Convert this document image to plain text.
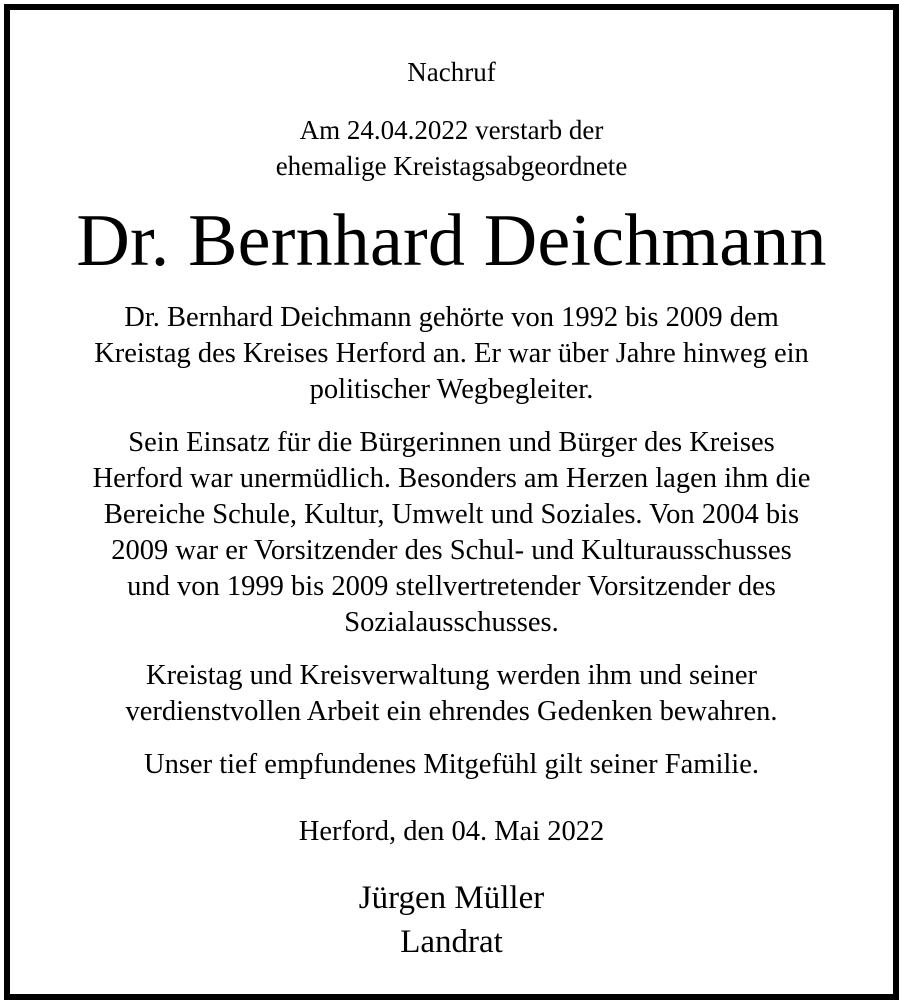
Nachruf
Am 24.04.2022 verstarb der
ehemalige Kreistagsabgeordnete
Dr. Bernhard Deichmann
Dr. Bernhard Deichmann gehörte von 1992 bis 2009 dem
Kreistag des Kreises Herford an. Er war über Jahre hinweg ein
politischer Wegbegleiter.
Sein Einsatz für die Bürgerinnen und Bürger des Kreises
Herford war unermüdlich. Besonders am Herzen lagen ihm die
Bereiche Schule, Kultur, Umwelt und Soziales. Von 2004 bis
2009 war er Vorsitzender des Schul- und Kulturausschusses
und von 1999 bis 2009 stellvertretender Vorsitzender des
Sozialausschusses.
Kreistag und Kreisverwaltung werden ihm und seiner
verdienstvollen Arbeit ein ehrendes Gedenken bewahren.
Unser tief empfundenes Mitgefühl gilt seiner Familie.
Herford, den 04. Mai 2022
Jürgen Müller
Landrat
